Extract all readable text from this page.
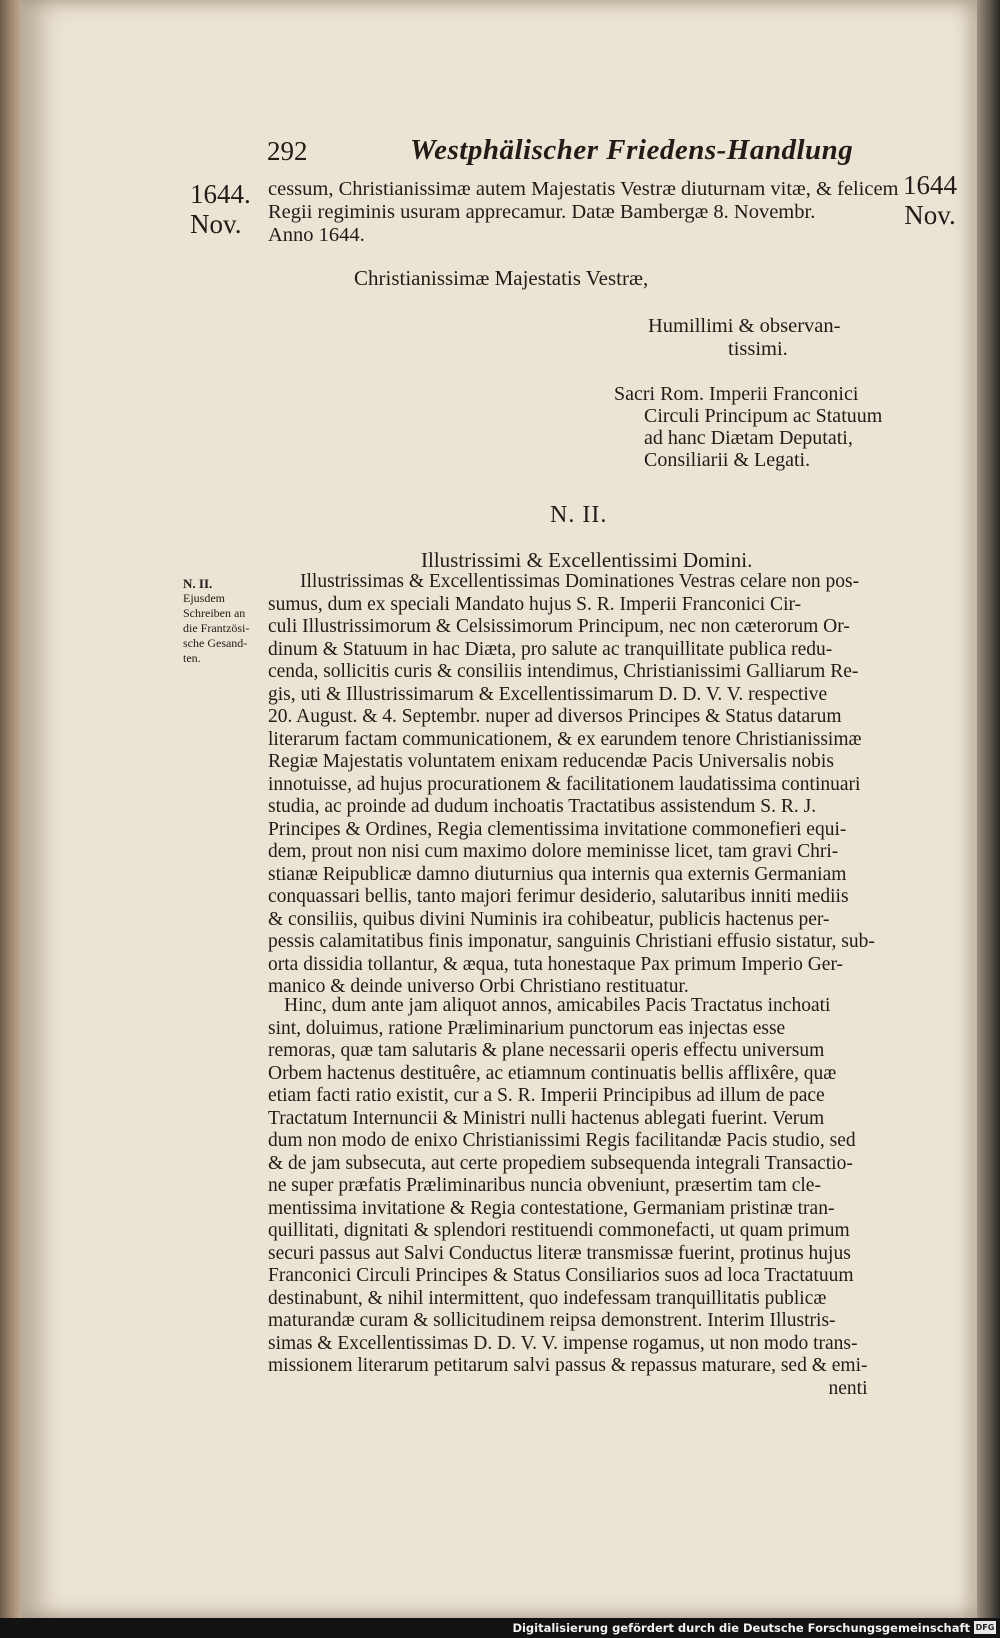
292	Westphälischer Friedens-Handlung
1644.
Nov.
1644
Nov.
cessum, Christianissimæ autem Majestatis Vestræ diuturnam vitæ, & felicem
Regii regiminis usuram apprecamur. Datæ Bambergæ 8. Novembr.
Anno 1644.
Christianissimæ Majestatis Vestræ,
Humillimi & observan-
tissimi.
Sacri Rom. Imperii Franconici
Circuli Principum ac Statuum
ad hanc Diætam Deputati,
Consiliarii & Legati.
N. II.
Illustrissimi & Excellentissimi Domini.
N. II.
Ejusdem
Schreiben an
die Frantzösi-
sche Gesand-
ten.
Illustrissimas & Excellentissimas Dominationes Vestras celare non pos-
sumus, dum ex speciali Mandato hujus S. R. Imperii Franconici Cir-
culi Illustrissimorum & Celsissimorum Principum, nec non cæterorum Or-
dinum & Statuum in hac Diæta, pro salute ac tranquillitate publica redu-
cenda, sollicitis curis & consiliis intendimus, Christianissimi Galliarum Re-
gis, uti & Illustrissimarum & Excellentissimarum D. D. V. V. respective
20. August. & 4. Septembr. nuper ad diversos Principes & Status datarum
literarum factam communicationem, & ex earundem tenore Christianissimæ
Regiæ Majestatis voluntatem enixam reducendæ Pacis Universalis nobis
innotuisse, ad hujus procurationem & facilitationem laudatissima continuari
studia, ac proinde ad dudum inchoatis Tractatibus assistendum S. R. J.
Principes & Ordines, Regia clementissima invitatione commonefieri equi-
dem, prout non nisi cum maximo dolore meminisse licet, tam gravi Chri-
stianæ Reipublicæ damno diuturnius qua internis qua externis Germaniam
conquassari bellis, tanto majori ferimur desiderio, salutaribus inniti mediis
& consiliis, quibus divini Numinis ira cohibeatur, publicis hactenus per-
pessis calamitatibus finis imponatur, sanguinis Christiani effusio sistatur, sub-
orta dissidia tollantur, & æqua, tuta honestaque Pax primum Imperio Ger-
manico & deinde universo Orbi Christiano restituatur.
Hinc, dum ante jam aliquot annos, amicabiles Pacis Tractatus inchoati
sint, doluimus, ratione Præliminarium punctorum eas injectas esse
remoras, quæ tam salutaris & plane necessarii operis effectu universum
Orbem hactenus destituêre, ac etiamnum continuatis bellis afflixêre, quæ
etiam facti ratio existit, cur a S. R. Imperii Principibus ad illum de pace
Tractatum Internuncii & Ministri nulli hactenus ablegati fuerint. Verum
dum non modo de enixo Christianissimi Regis facilitandæ Pacis studio, sed
& de jam subsecuta, aut certe propediem subsequenda integrali Transactio-
ne super præfatis Præliminaribus nuncia obveniunt, præsertim tam cle-
mentissima invitatione & Regia contestatione, Germaniam pristinæ tran-
quillitati, dignitati & splendori restituendi commonefacti, ut quam primum
securi passus aut Salvi Conductus literæ transmissæ fuerint, protinus hujus
Franconici Circuli Principes & Status Consiliarios suos ad loca Tractatuum
destinabunt, & nihil intermittent, quo indefessam tranquillitatis publicæ
maturandæ curam & sollicitudinem reipsa demonstrent. Interim Illustris-
simas & Excellentissimas D. D. V. V. impense rogamus, ut non modo trans-
missionem literarum petitarum salvi passus & repassus maturare, sed & emi-
nenti
Digitalisierung gefördert durch die Deutsche Forschungsgemeinschaft DFG
